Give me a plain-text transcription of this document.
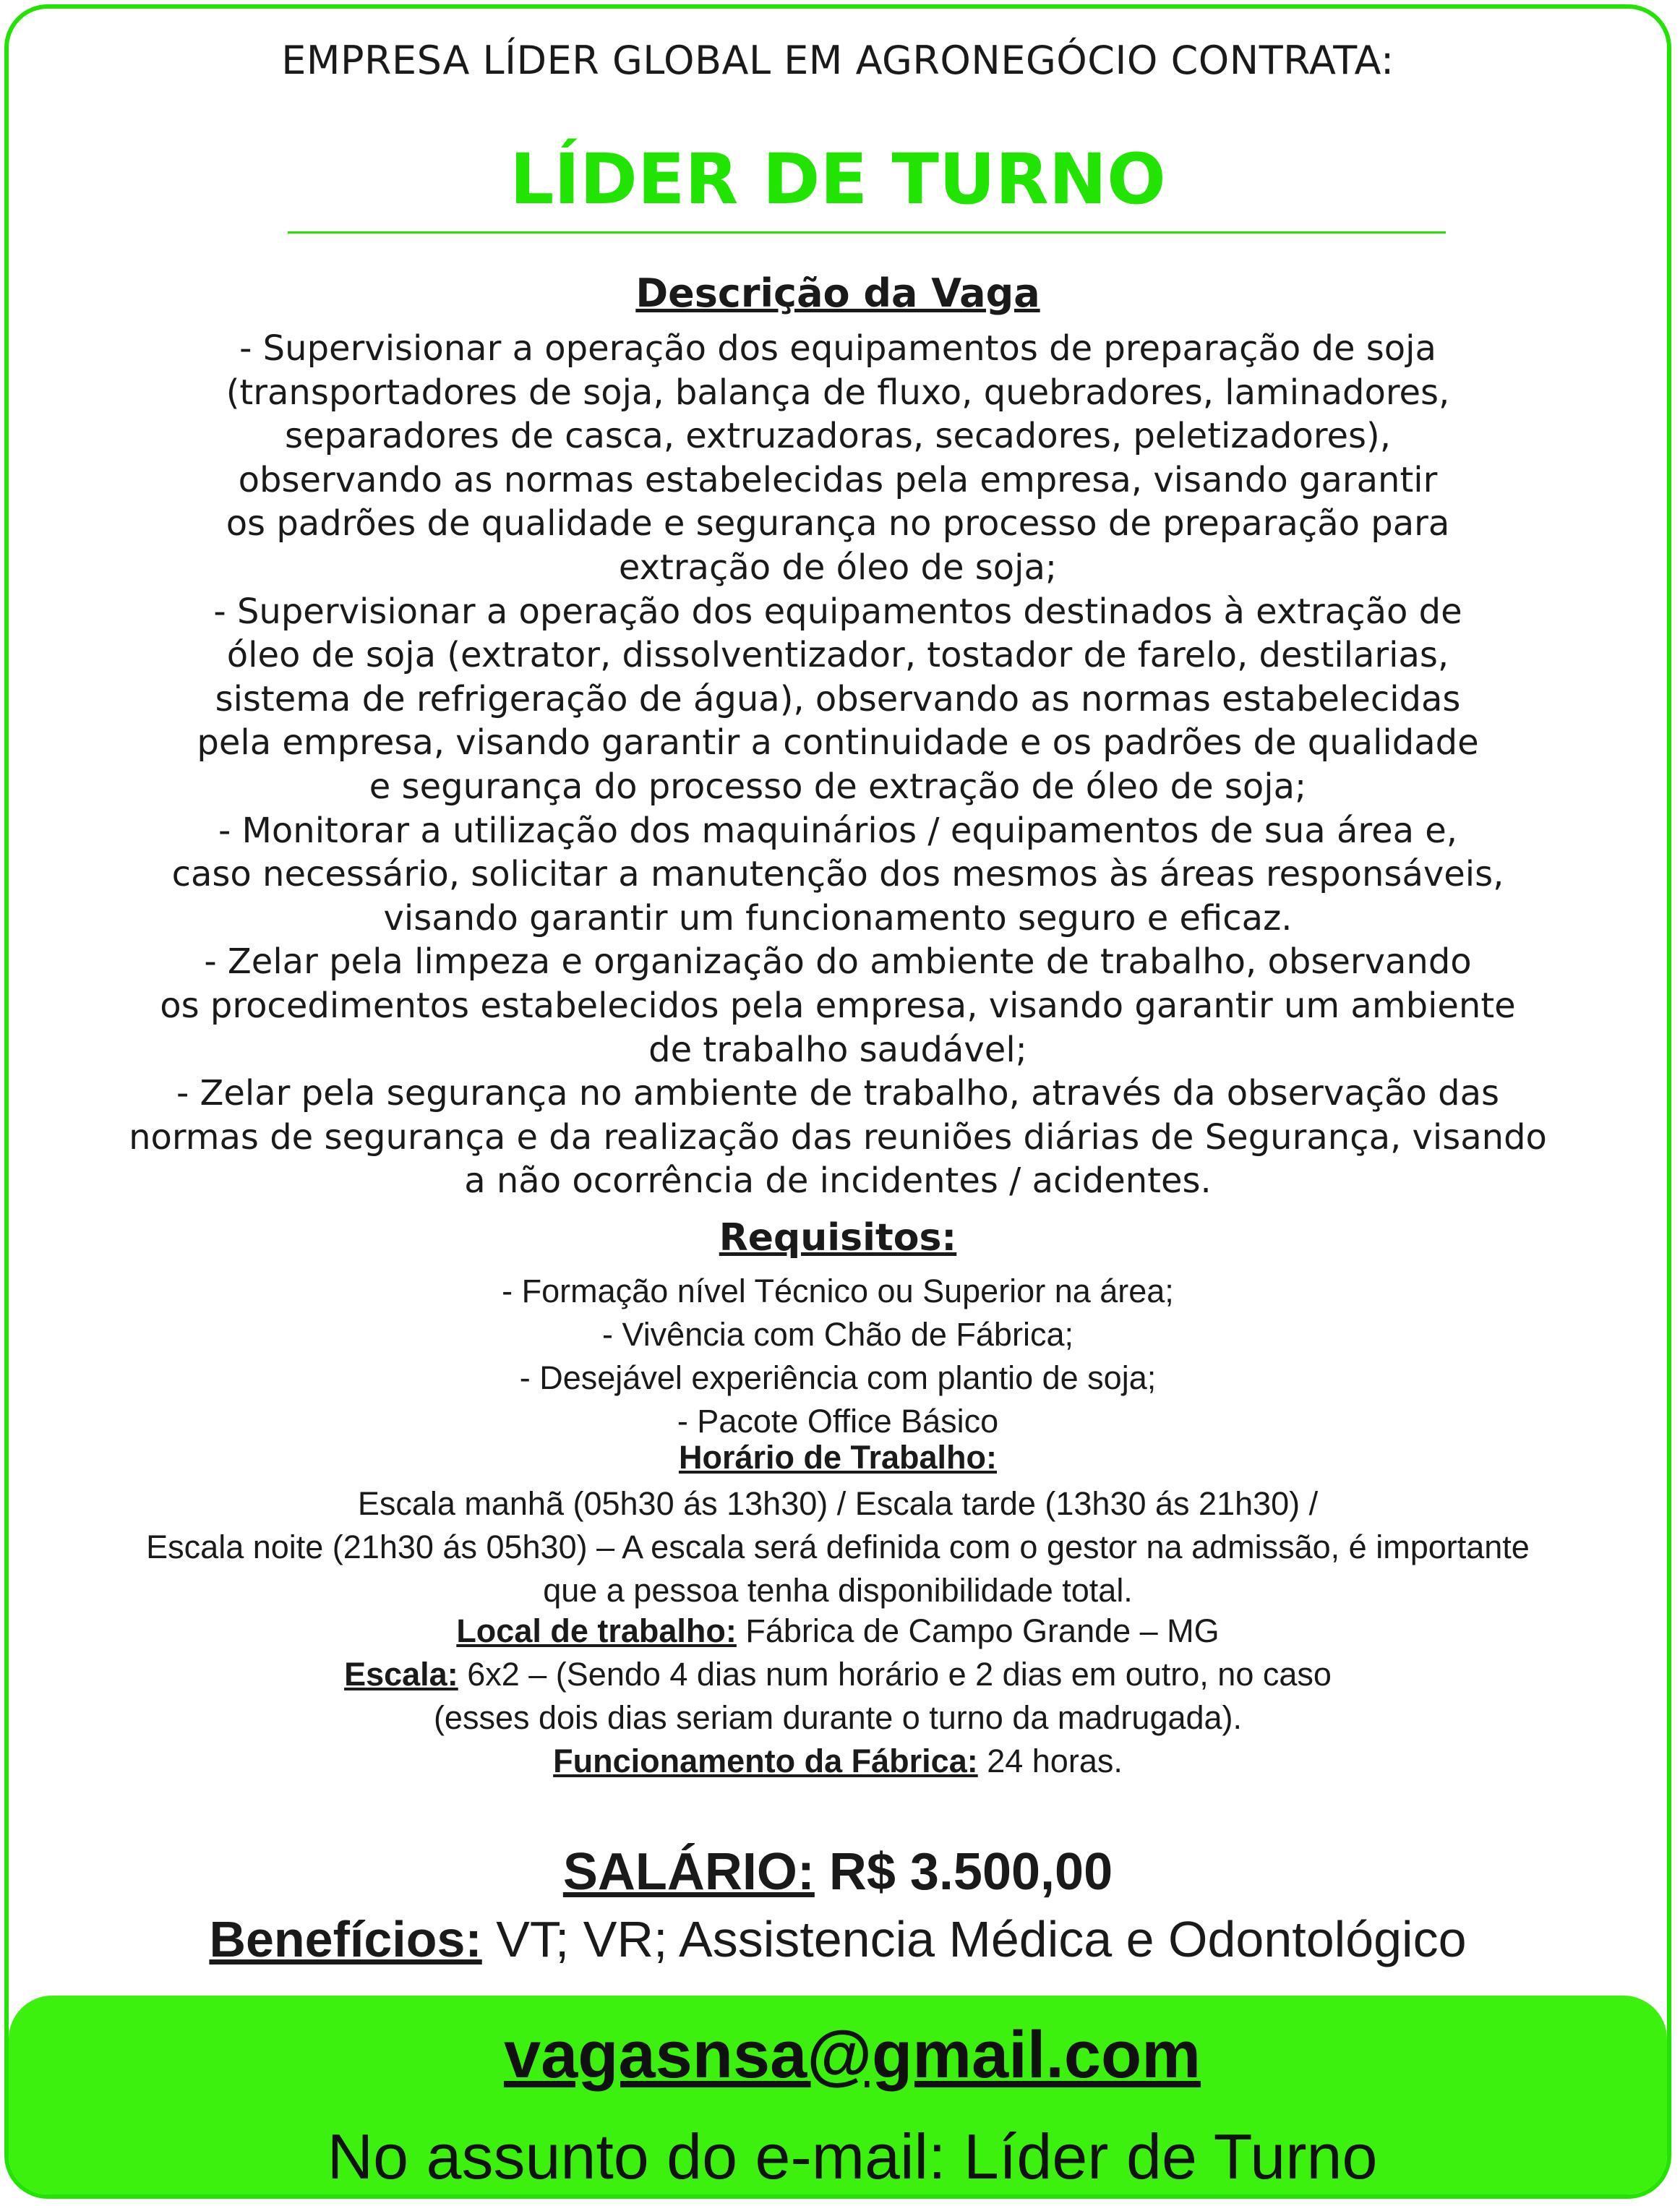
EMPRESA LÍDER GLOBAL EM AGRONEGÓCIO CONTRATA:
LÍDER DE TURNO
Descrição da Vaga
- Supervisionar a operação dos equipamentos de preparação de soja
(transportadores de soja, balança de fluxo, quebradores, laminadores,
separadores de casca, extruzadoras, secadores, peletizadores),
observando as normas estabelecidas pela empresa, visando garantir
os padrões de qualidade e segurança no processo de preparação para
extração de óleo de soja;
- Supervisionar a operação dos equipamentos destinados à extração de
óleo de soja (extrator, dissolventizador, tostador de farelo, destilarias,
sistema de refrigeração de água), observando as normas estabelecidas
pela empresa, visando garantir a continuidade e os padrões de qualidade
e segurança do processo de extração de óleo de soja;
- Monitorar a utilização dos maquinários / equipamentos de sua área e,
caso necessário, solicitar a manutenção dos mesmos às áreas responsáveis,
visando garantir um funcionamento seguro e eficaz.
- Zelar pela limpeza e organização do ambiente de trabalho, observando
os procedimentos estabelecidos pela empresa, visando garantir um ambiente
de trabalho saudável;
- Zelar pela segurança no ambiente de trabalho, através da observação das
normas de segurança e da realização das reuniões diárias de Segurança, visando
a não ocorrência de incidentes / acidentes.
Requisitos:
- Formação nível Técnico ou Superior na área;
- Vivência com Chão de Fábrica;
- Desejável experiência com plantio de soja;
- Pacote Office Básico
Horário de Trabalho:
Escala manhã (05h30 ás 13h30) / Escala tarde (13h30 ás 21h30) /
Escala noite (21h30 ás 05h30) – A escala será definida com o gestor na admissão, é importante
que a pessoa tenha disponibilidade total.
Local de trabalho: Fábrica de Campo Grande – MG
Escala: 6x2 – (Sendo 4 dias num horário e 2 dias em outro, no caso
(esses dois dias seriam durante o turno da madrugada).
Funcionamento da Fábrica: 24 horas.
SALÁRIO: R$ 3.500,00
Benefícios: VT; VR; Assistencia Médica e Odontológico
vagasnsa@gmail.com
No assunto do e-mail: Líder de Turno
